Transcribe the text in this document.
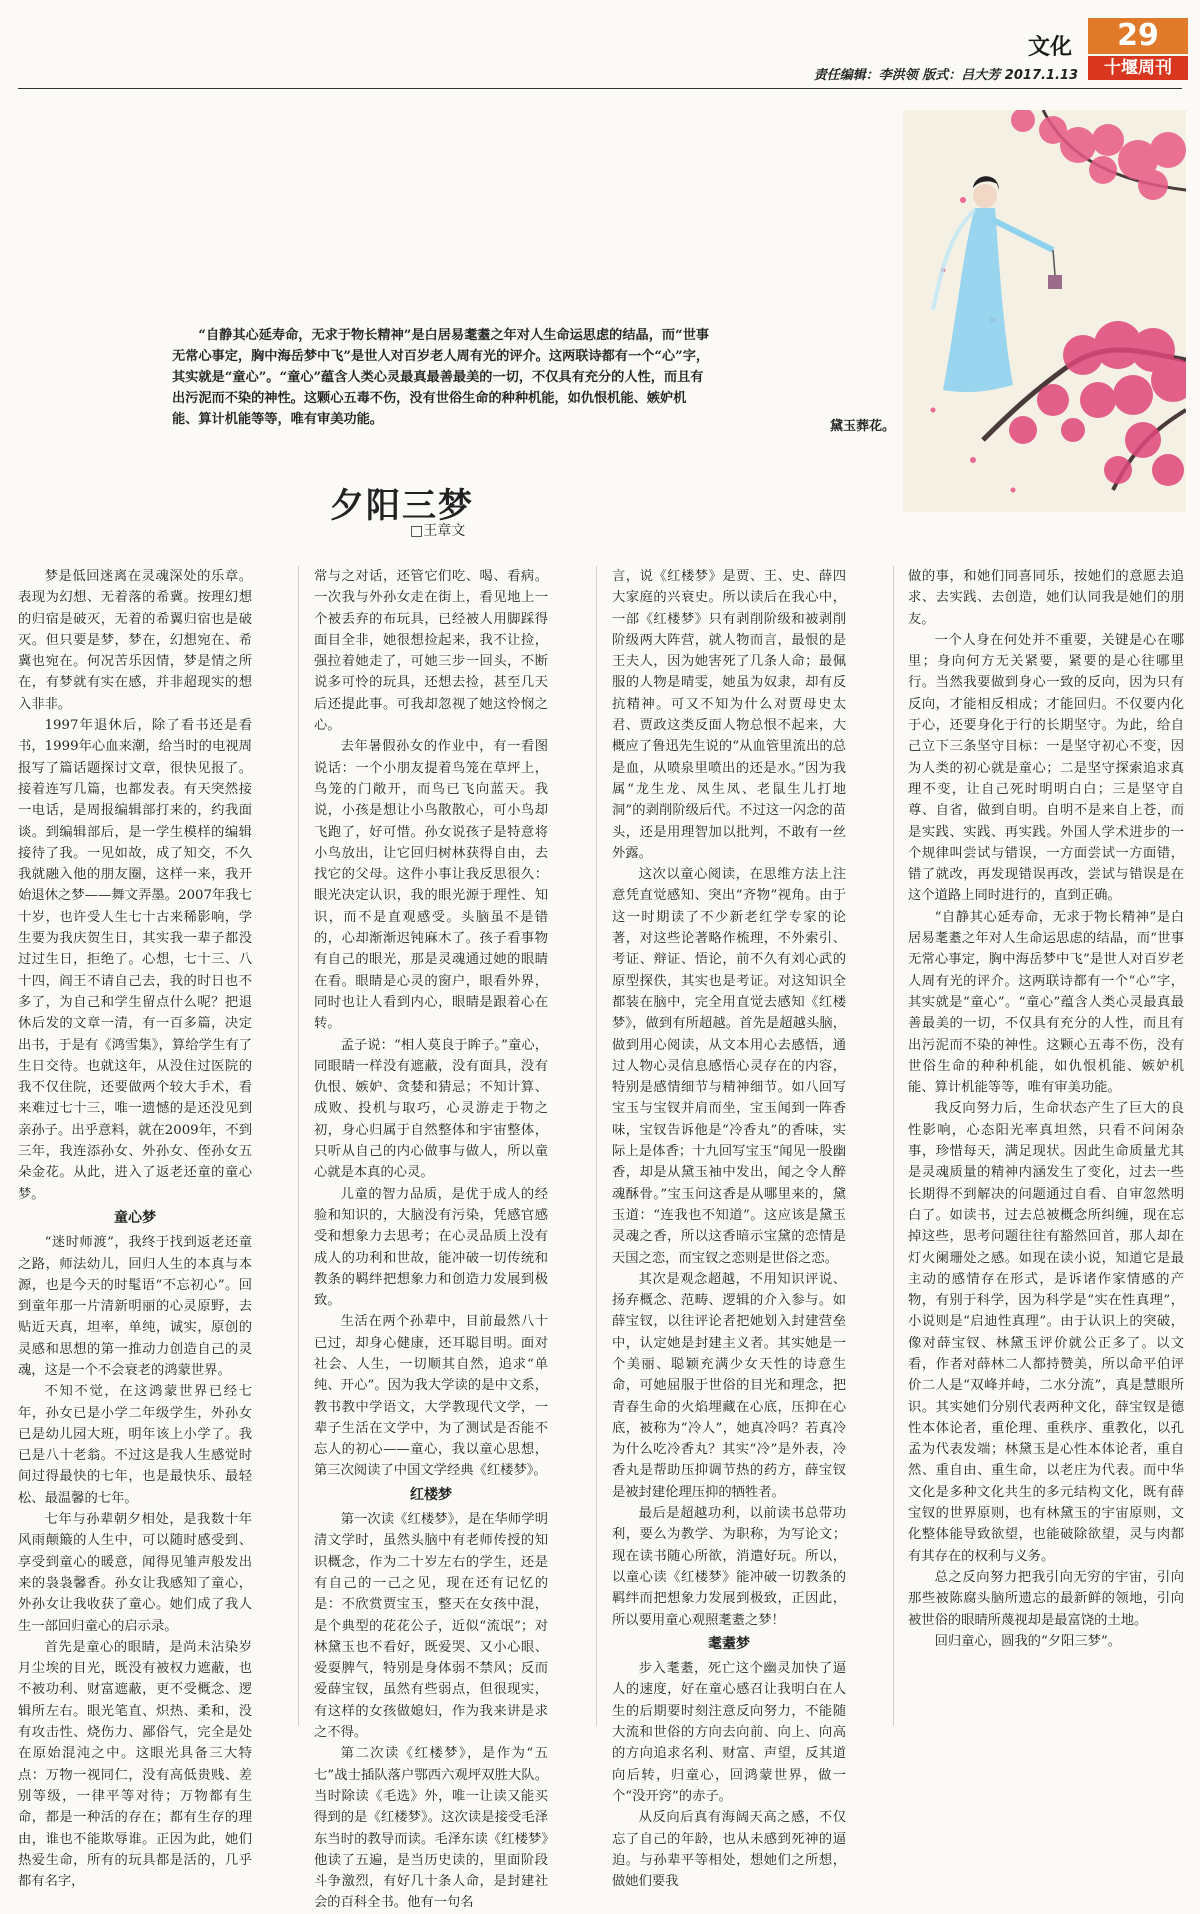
文化	29
十堰周刊
责任编辑：李洪领 版式：吕大芳 2017.1.13
黛玉葬花。
“自静其心延寿命，无求于物长精神”是白居易耄耋之年对人生命运思虑的结晶，而“世事无常心事定，胸中海岳梦中飞”是世人对百岁老人周有光的评介。这两联诗都有一个“心”字，其实就是“童心”。“童心”蕴含人类心灵最真最善最美的一切，不仅具有充分的人性，而且有出污泥而不染的神性。这颗心五毒不伤，没有世俗生命的种种机能，如仇恨机能、嫉妒机能、算计机能等等，唯有审美功能。
夕阳三梦
□王章文

梦是低回迷离在灵魂深处的乐章。表现为幻想、无着落的希冀。按理幻想的归宿是破灭，无着的希翼归宿也是破灭。但只要是梦，梦在，幻想宛在、希冀也宛在。何况苦乐因情，梦是情之所在，有梦就有实在感，并非超现实的想入非非。

1997年退休后，除了看书还是看书，1999年心血来潮，给当时的电视周报写了篇话题探讨文章，很快见报了。接着连写几篇，也都发表。有天突然接一电话，是周报编辑部打来的，约我面谈。到编辑部后，是一学生模样的编辑接待了我。一见如故，成了知交，不久我就融入他的朋友圈，这样一来，我开始退休之梦——舞文弄墨。2007年我七十岁，也许受人生七十古来稀影响，学生要为我庆贺生日，其实我一辈子都没过过生日，拒绝了。心想，七十三、八十四，阎王不请自己去，我的时日也不多了，为自己和学生留点什么呢？把退休后发的文章一清，有一百多篇，决定出书，于是有《鸿雪集》，算给学生有了生日交待。也就这年，从没住过医院的我不仅住院，还要做两个较大手术，看来难过七十三，唯一遗憾的是还没见到亲孙子。出乎意料，就在2009年，不到三年，我连添孙女、外孙女、侄孙女五朵金花。从此，进入了返老还童的童心梦。

童心梦

“迷时师渡”，我终于找到返老还童之路，师法幼儿，回归人生的本真与本源，也是今天的时髦语“不忘初心”。回到童年那一片清新明丽的心灵原野，去贴近天真，坦率，单纯，诚实，原创的灵感和思想的第一推动力创造自己的灵魂，这是一个不会衰老的鸿蒙世界。

不知不觉，在这鸿蒙世界已经七年，孙女已是小学二年级学生，外孙女已是幼儿园大班，明年该上小学了。我已是八十老翁。不过这是我人生感觉时间过得最快的七年，也是最快乐、最轻松、最温馨的七年。

七年与孙辈朝夕相处，是我数十年风雨颠簸的人生中，可以随时感受到、享受到童心的暖意，闻得见雏声般发出来的袅袅馨香。孙女让我感知了童心，外孙女让我收获了童心。她们成了我人生一部回归童心的启示录。

首先是童心的眼睛，是尚未沾染岁月尘埃的目光，既没有被权力遮蔽，也不被功利、财富遮蔽，更不受概念、逻辑所左右。眼光笔直、炽热、柔和，没有攻击性、烧伤力、鄙俗气，完全是处在原始混沌之中。这眼光具备三大特点：万物一视同仁，没有高低贵贱、差别等级，一律平等对待；万物都有生命，都是一种活的存在；都有生存的理由，谁也不能欺辱谁。正因为此，她们热爱生命，所有的玩具都是活的，几乎都有名字，

常与之对话，还管它们吃、喝、看病。一次我与外孙女走在街上，看见地上一个被丢弃的布玩具，已经被人用脚踩得面目全非，她很想捡起来，我不让捡，强拉着她走了，可她三步一回头，不断说多可怜的玩具，还想去捡，甚至几天后还提此事。可我却忽视了她这怜悯之心。

去年暑假孙女的作业中，有一看图说话：一个小朋友提着鸟笼在草坪上，鸟笼的门敞开，而鸟已飞向蓝天。我说，小孩是想让小鸟散散心，可小鸟却飞跑了，好可惜。孙女说孩子是特意将小鸟放出，让它回归树林获得自由，去找它的父母。这件小事让我反思很久：眼光决定认识，我的眼光源于理性、知识，而不是直观感受。头脑虽不是错的，心却渐渐迟钝麻木了。孩子看事物有自己的眼光，那是灵魂通过她的眼睛在看。眼睛是心灵的窗户，眼看外界，同时也让人看到内心，眼睛是跟着心在转。

孟子说：“相人莫良于眸子。”童心，同眼睛一样没有遮蔽，没有面具，没有仇恨、嫉妒、贪婪和猜忌；不知计算、成败、投机与取巧，心灵游走于物之初，身心归属于自然整体和宇宙整体，只听从自己的内心做事与做人，所以童心就是本真的心灵。

儿童的智力品质，是优于成人的经验和知识的，大脑没有污染，凭感官感受和想象力去思考；在心灵品质上没有成人的功利和世故，能冲破一切传统和教条的羁绊把想象力和创造力发展到极致。

生活在两个孙辈中，目前最然八十已过，却身心健康，还耳聪目明。面对社会、人生，一切顺其自然，追求“单纯、开心”。因为我大学读的是中文系，教书教中学语文，大学教现代文学，一辈子生活在文学中，为了测试是否能不忘人的初心——童心，我以童心思想，第三次阅读了中国文学经典《红楼梦》。

红楼梦

第一次读《红楼梦》，是在华师学明清文学时，虽然头脑中有老师传授的知识概念，作为二十岁左右的学生，还是有自己的一己之见，现在还有记忆的是：不欣赏贾宝玉，整天在女孩中混，是个典型的花花公子，近似“流氓”；对林黛玉也不看好，既爱哭、又小心眼、爱耍脾气，特别是身体弱不禁风；反而爱薛宝钗，虽然有些弱点，但很现实，有这样的女孩做媳妇，作为我来讲是求之不得。

第二次读《红楼梦》，是作为“五七”战士插队落户鄂西六观坪双胜大队。当时除读《毛选》外，唯一让读又能买得到的是《红楼梦》。这次读是接受毛泽东当时的教导而读。毛泽东读《红楼梦》他读了五遍，是当历史读的，里面阶段斗争激烈，有好几十条人命，是封建社会的百科全书。他有一句名

言，说《红楼梦》是贾、王、史、薛四大家庭的兴衰史。所以读后在我心中，一部《红楼梦》只有剥削阶级和被剥削阶级两大阵营，就人物而言，最恨的是王夫人，因为她害死了几条人命；最佩服的人物是晴雯，她虽为奴隶，却有反抗精神。可又不知为什么对贾母史太君、贾政这类反面人物总恨不起来，大概应了鲁迅先生说的“从血管里流出的总是血，从喷泉里喷出的还是水。”因为我属“龙生龙、凤生凤、老鼠生儿打地洞”的剥削阶级后代。不过这一闪念的苗头，还是用理智加以批判，不敢有一丝外露。

这次以童心阅读，在思维方法上注意凭直觉感知、突出“齐物”视角。由于这一时期读了不少新老红学专家的论著，对这些论著略作梳理，不外索引、考证、辩证、悟论，前不久有刘心武的原型探佚，其实也是考证。对这知识全都装在脑中，完全用直觉去感知《红楼梦》，做到有所超越。首先是超越头脑，做到用心阅读，从文本用心去感悟，通过人物心灵信息感悟心灵存在的内容，特别是感情细节与精神细节。如八回写宝玉与宝钗并肩而坐，宝玉闻到一阵香味，宝钗告诉他是“冷香丸”的香味，实际上是体香；十九回写宝玉“闻见一股幽香，却是从黛玉袖中发出，闻之令人醉魂酥骨。”宝玉问这香是从哪里来的，黛玉道：“连我也不知道”。这应该是黛玉灵魂之香，所以这香暗示宝黛的恋情是天国之恋，而宝钗之恋则是世俗之恋。

其次是观念超越，不用知识评说、扬弃概念、范畴、逻辑的介入参与。如薛宝钗，以往评论者把她划入封建营垒中，认定她是封建主义者。其实她是一个美丽、聪颖充满少女天性的诗意生命，可她屈服于世俗的目光和理念，把青春生命的火焰埋藏在心底，压抑在心底，被称为“冷人”，她真冷吗？若真冷为什么吃冷香丸？其实“冷”是外表，冷香丸是帮助压抑调节热的药方，薛宝钗是被封建伦理压抑的牺牲者。

最后是超越功利，以前读书总带功利，要么为教学、为职称，为写论文；现在读书随心所欲，消遣好玩。所以，以童心读《红楼梦》能冲破一切教条的羁绊而把想象力发展到极致，正因此，所以要用童心观照耄耋之梦！

耄耋梦

步入耄耋，死亡这个幽灵加快了逼人的速度，好在童心感召让我明白在人生的后期要时刻注意反向努力，不能随大流和世俗的方向去向前、向上、向高的方向追求名利、财富、声望，反其道向后转，归童心，回鸿蒙世界，做一个“没开窍”的赤子。

从反向后真有海阔天高之感，不仅忘了自己的年龄，也从未感到死神的逼迫。与孙辈平等相处，想她们之所想，做她们要我

做的事，和她们同喜同乐，按她们的意愿去追求、去实践、去创造，她们认同我是她们的朋友。

一个人身在何处并不重要，关键是心在哪里；身向何方无关紧要，紧要的是心往哪里行。当然我要做到身心一致的反向，因为只有反向，才能相反相成；才能回归。不仅要内化于心，还要身化于行的长期坚守。为此，给自己立下三条坚守目标：一是坚守初心不变，因为人类的初心就是童心；二是坚守探索追求真理不变，让自己死时明明白白；三是坚守自尊、自省，做到自明。自明不是来自上苍，而是实践、实践、再实践。外国人学术进步的一个规律叫尝试与错误，一方面尝试一方面错，错了就改，再发现错误再改，尝试与错误是在这个道路上同时进行的，直到正确。

“自静其心延寿命，无求于物长精神”是白居易耄耋之年对人生命运思虑的结晶，而“世事无常心事定，胸中海岳梦中飞”是世人对百岁老人周有光的评介。这两联诗都有一个“心”字，其实就是“童心”。“童心”蕴含人类心灵最真最善最美的一切，不仅具有充分的人性，而且有出污泥而不染的神性。这颗心五毒不伤，没有世俗生命的种种机能，如仇恨机能、嫉妒机能、算计机能等等，唯有审美功能。

我反向努力后，生命状态产生了巨大的良性影响，心态阳光率真坦然，只看不问闲杂事，珍惜每天，满足现状。因此生命质量尤其是灵魂质量的精神内涵发生了变化，过去一些长期得不到解决的问题通过自看、自审忽然明白了。如读书，过去总被概念所纠缠，现在忘掉这些，思考问题往往有豁然回首，那人却在灯火阑珊处之感。如现在读小说，知道它是最主动的感情存在形式，是诉诸作家情感的产物，有别于科学，因为科学是“实在性真理”，小说则是“启迪性真理”。由于认识上的突破，像对薛宝钗、林黛玉评价就公正多了。以文看，作者对薛林二人都持赞美，所以命平伯评价二人是“双峰并峙，二水分流”，真是慧眼所识。其实她们分别代表两种文化，薛宝钗是德性本体论者，重伦理、重秩序、重教化，以孔孟为代表发端；林黛玉是心性本体论者，重自然、重自由、重生命，以老庄为代表。而中华文化是多种文化共生的多元结构文化，既有薛宝钗的世界原则，也有林黛玉的宇宙原则，文化整体能导致欲望，也能破除欲望，灵与肉都有其存在的权利与义务。

总之反向努力把我引向无穷的宇宙，引向那些被陈腐头脑所遗忘的最新鲜的领地，引向被世俗的眼睛所蔑视却是最富饶的土地。

回归童心，圆我的“夕阳三梦”。
